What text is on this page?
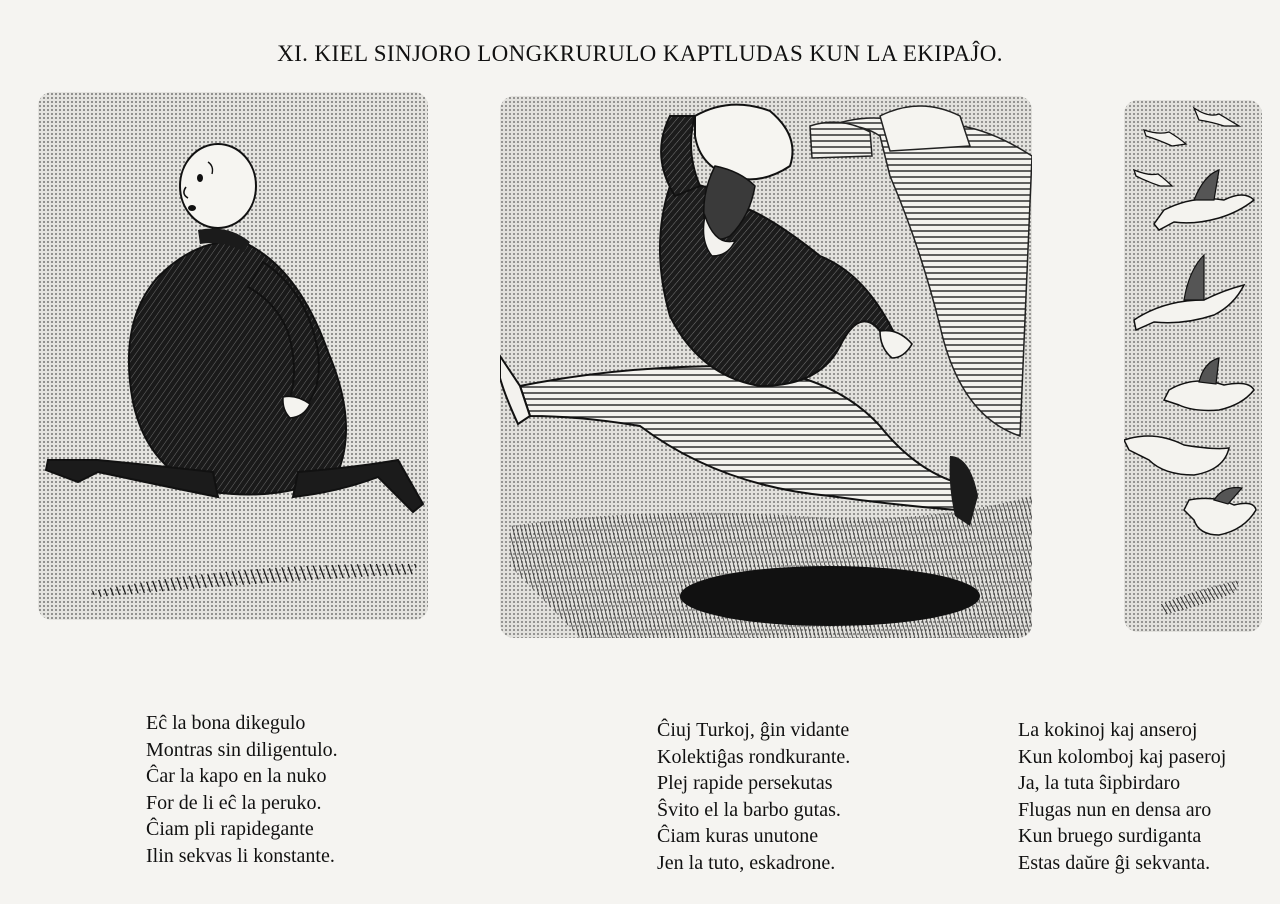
XI. KIEL SINJORO LONGKRURULO KAPTLUDAS KUN LA EKIPAĴO.
Eĉ la bona dikegulo
Montras sin diligentulo.
Ĉar la kapo en la nuko
For de li eĉ la peruko.
Ĉiam pli rapidegante
Ilin sekvas li konstante.
Ĉiuj Turkoj, ĝin vidante
Kolektiĝas rondkurante.
Plej rapide persekutas
Ŝvito el la barbo gutas.
Ĉiam kuras unutone
Jen la tuto, eskadrone.
La kokinoj kaj anseroj
Kun kolomboj kaj paseroj
Ja, la tuta ŝipbirdaro
Flugas nun en densa aro
Kun bruego surdiganta
Estas daŭre ĝi sekvanta.
